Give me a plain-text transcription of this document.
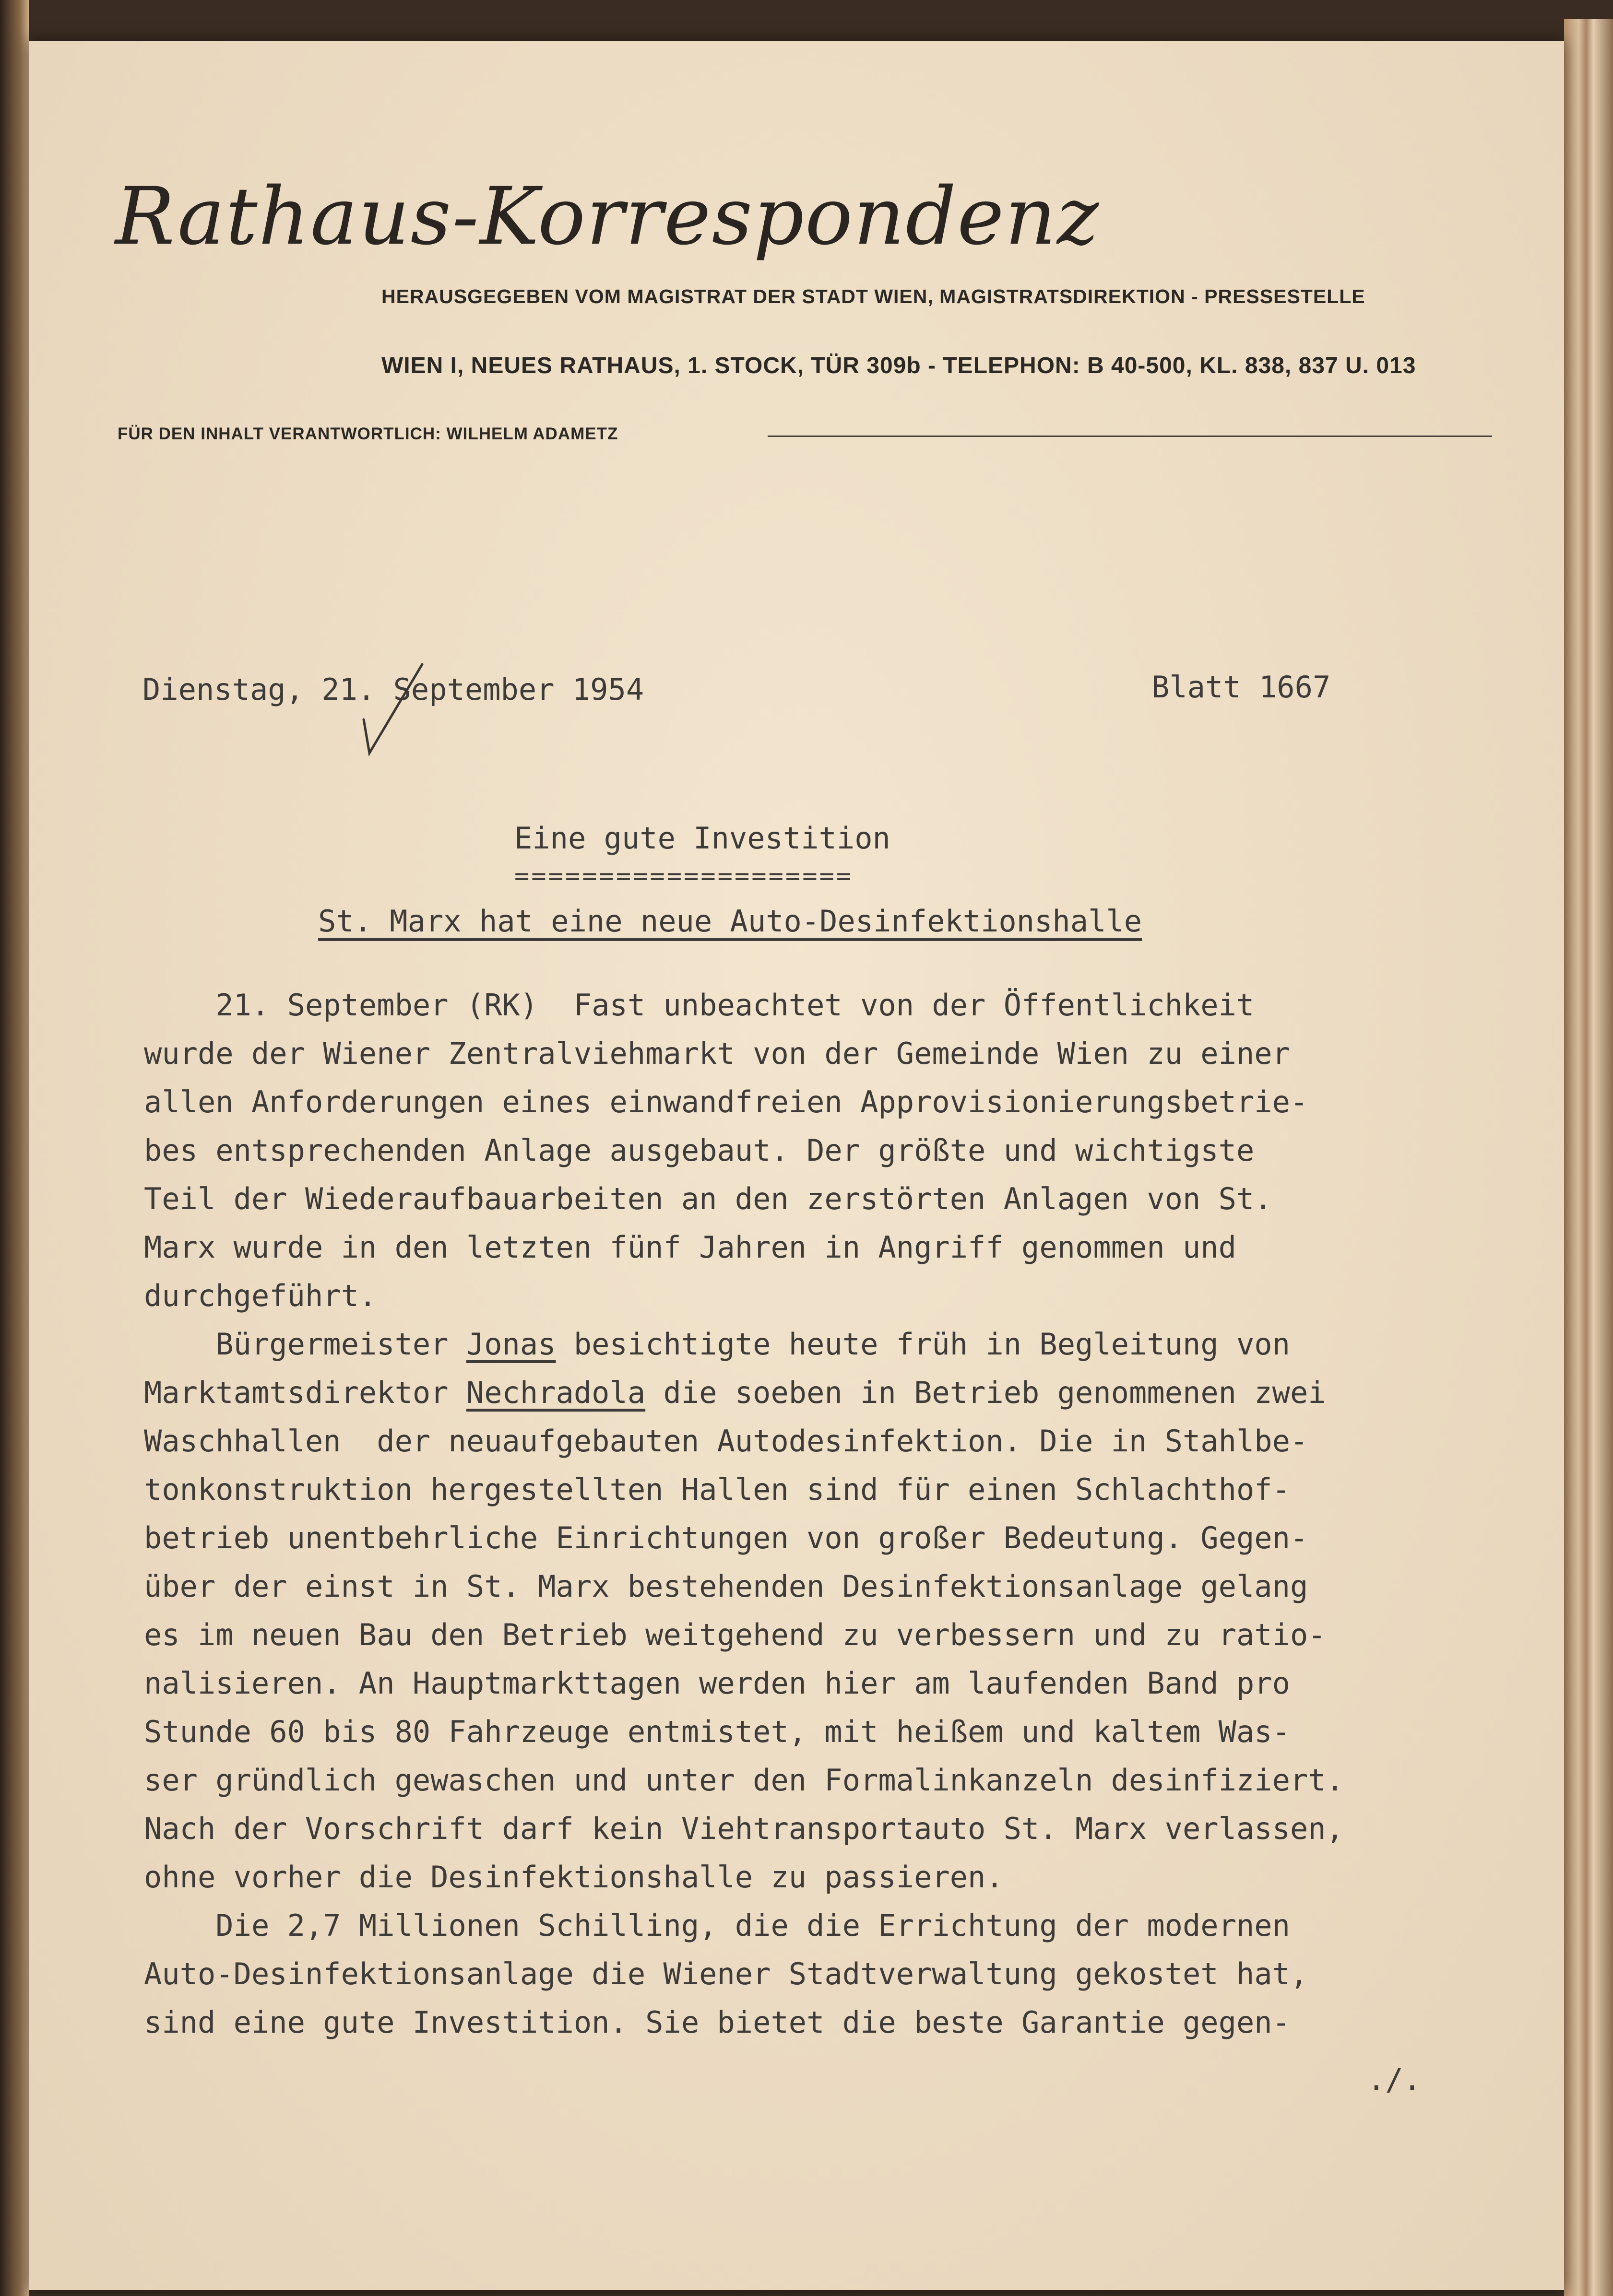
Rathaus-Korrespondenz
HERAUSGEGEBEN VOM MAGISTRAT DER STADT WIEN, MAGISTRATSDIREKTION - PRESSESTELLE
WIEN I, NEUES RATHAUS, 1. STOCK, TÜR 309b - TELEPHON: B 40-500, KL. 838, 837 U. 013
FÜR DEN INHALT VERANTWORTLICH: WILHELM ADAMETZ
Dienstag, 21. September 1954	Blatt 1667
Eine gute Investition
====================
St. Marx hat eine neue Auto-Desinfektionshalle

21. September (RK)  Fast unbeachtet von der Öffentlichkeit

wurde der Wiener Zentralviehmarkt von der Gemeinde Wien zu einer

allen Anforderungen eines einwandfreien Approvisionierungsbetrie-

bes entsprechenden Anlage ausgebaut. Der größte und wichtigste

Teil der Wiederaufbauarbeiten an den zerstörten Anlagen von St.

Marx wurde in den letzten fünf Jahren in Angriff genommen und

durchgeführt.

Bürgermeister Jonas besichtigte heute früh in Begleitung von

Marktamtsdirektor Nechradola die soeben in Betrieb genommenen zwei

Waschhallen  der neuaufgebauten Autodesinfektion. Die in Stahlbe-

tonkonstruktion hergestellten Hallen sind für einen Schlachthof-

betrieb unentbehrliche Einrichtungen von großer Bedeutung. Gegen-

über der einst in St. Marx bestehenden Desinfektionsanlage gelang

es im neuen Bau den Betrieb weitgehend zu verbessern und zu ratio-

nalisieren. An Hauptmarkttagen werden hier am laufenden Band pro

Stunde 60 bis 80 Fahrzeuge entmistet, mit heißem und kaltem Was-

ser gründlich gewaschen und unter den Formalinkanzeln desinfiziert.

Nach der Vorschrift darf kein Viehtransportauto St. Marx verlassen,

ohne vorher die Desinfektionshalle zu passieren.

Die 2,7 Millionen Schilling, die die Errichtung der modernen

Auto-Desinfektionsanlage die Wiener Stadtverwaltung gekostet hat,

sind eine gute Investition. Sie bietet die beste Garantie gegen-

./.
